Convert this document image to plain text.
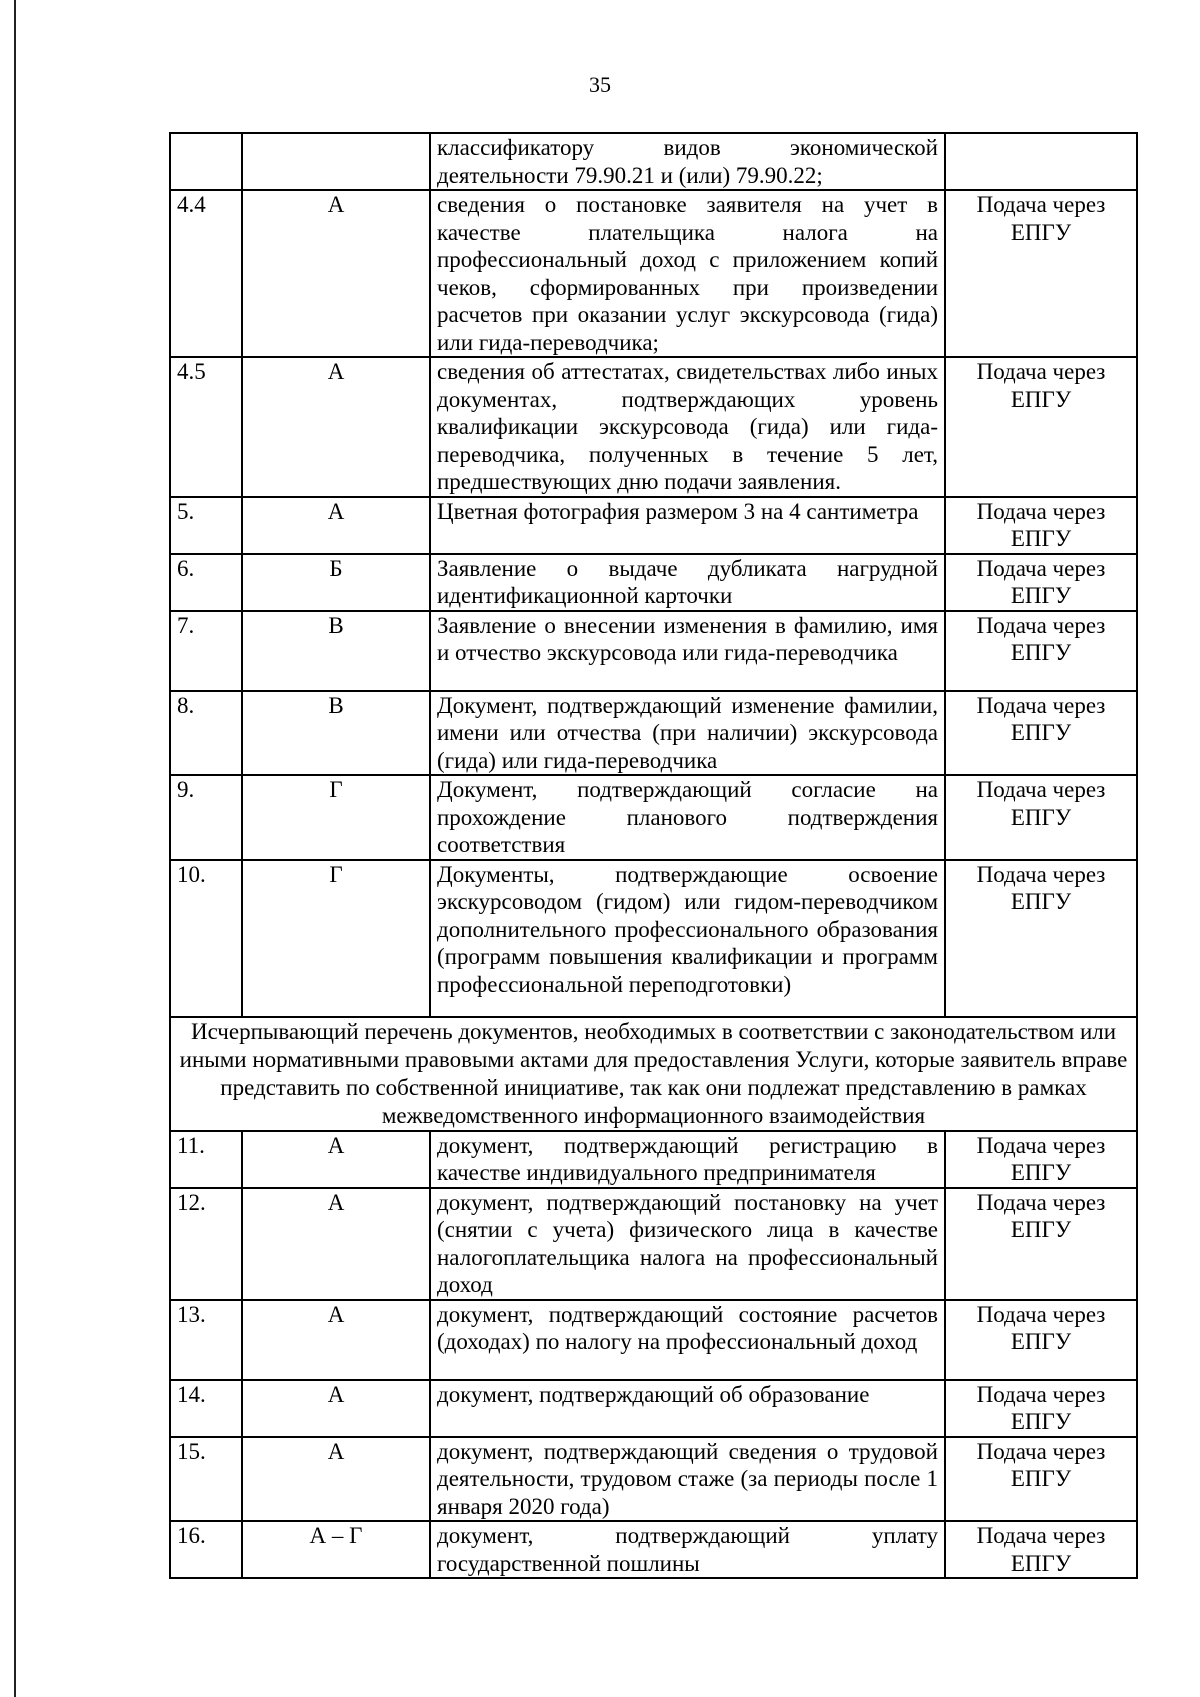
35
		классификатору видов экономической деятельности 79.90.21 и (или) 79.90.22;	

4.4	А	сведения о постановке заявителя на учет в качестве плательщика налога на профессиональный доход с приложением копий чеков, сформированных при произведении расчетов при оказании услуг экскурсовода (гида) или гида-переводчика;	Подача через
ЕПГУ

4.5	А	сведения об аттестатах, свидетельствах либо иных документах, подтверждающих уровень квалификации экскурсовода (гида) или гида-переводчика, полученных в течение 5 лет, предшествующих дню подачи заявления.	Подача через
ЕПГУ

5.	А	Цветная фотография размером 3 на 4 сантиметра	Подача через
ЕПГУ

6.	Б	Заявление о выдаче дубликата нагрудной идентификационной карточки	Подача через
ЕПГУ

7.	В	Заявление о внесении изменения в фамилию, имя и отчество экскурсовода или гида-переводчика	Подача через
ЕПГУ

8.	В	Документ, подтверждающий изменение фамилии, имени или отчества (при наличии) экскурсовода (гида) или гида-переводчика	Подача через
ЕПГУ

9.	Г	Документ, подтверждающий согласие на прохождение планового подтверждения соответствия	Подача через
ЕПГУ

10.	Г	Документы, подтверждающие освоение экскурсоводом (гидом) или гидом-переводчиком дополнительного профессионального образования (программ повышения квалификации и программ профессиональной переподготовки)	Подача через
ЕПГУ

Исчерпывающий перечень документов, необходимых в соответствии с законодательством или иными нормативными правовыми актами для предоставления Услуги, которые заявитель вправе представить по собственной инициативе, так как они подлежат представлению в рамках межведомственного информационного взаимодействия			
11.	А	документ, подтверждающий регистрацию в качестве индивидуального предпринимателя	Подача через
ЕПГУ

12.	А	документ, подтверждающий постановку на учет (снятии с учета) физического лица в качестве налогоплательщика налога на профессиональный доход	Подача через
ЕПГУ

13.	А	документ, подтверждающий состояние расчетов (доходах) по налогу на профессиональный доход	Подача через
ЕПГУ

14.	А	документ, подтверждающий об образование	Подача через
ЕПГУ

15.	А	документ, подтверждающий сведения о трудовой деятельности, трудовом стаже (за периоды после 1 января 2020 года)	Подача через
ЕПГУ

16.	А – Г	документ, подтверждающий уплату государственной пошлины	Подача через
ЕПГУ
